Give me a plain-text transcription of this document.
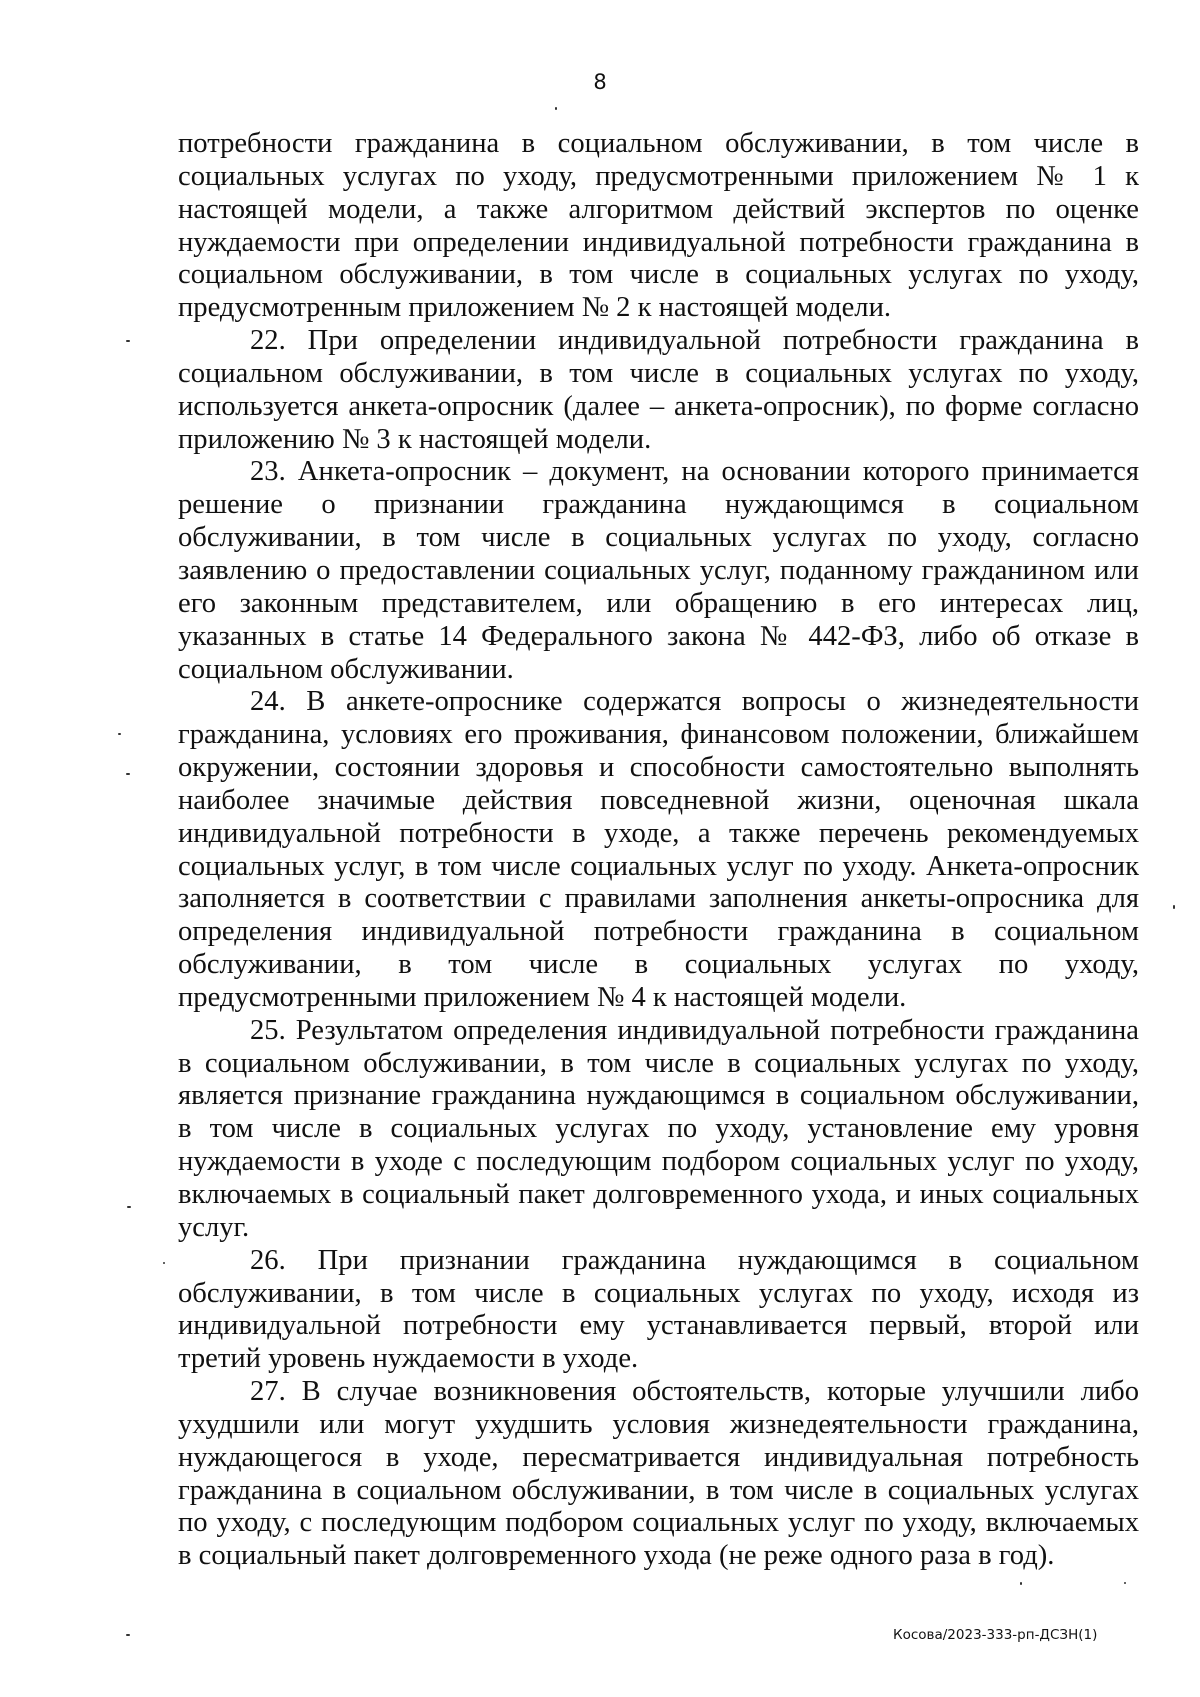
8

потребности гражданина в социальном обслуживании, в том числе в социальных услугах по уходу, предусмотренными приложением № 1 к настоящей модели, а также алгоритмом действий экспертов по оценке нуждаемости при определении индивидуальной потребности гражданина в социальном обслуживании, в том числе в социальных услугах по уходу, предусмотренным приложением № 2 к настоящей модели.

22. При определении индивидуальной потребности гражданина в социальном обслуживании, в том числе в социальных услугах по уходу, используется анкета-опросник (далее – анкета-опросник), по форме согласно приложению № 3 к настоящей модели.

23. Анкета-опросник – документ, на основании которого принимается решение о признании гражданина нуждающимся в социальном обслуживании, в том числе в социальных услугах по уходу, согласно заявлению о предоставлении социальных услуг, поданному гражданином или его законным представителем, или обращению в его интересах лиц, указанных в статье 14 Федерального закона № 442-ФЗ, либо об отказе в социальном обслуживании.

24. В анкете-опроснике содержатся вопросы о жизнедеятельности гражданина, условиях его проживания, финансовом положении, ближайшем окружении, состоянии здоровья и способности самостоятельно выполнять наиболее значимые действия повседневной жизни, оценочная шкала индивидуальной потребности в уходе, а также перечень рекомендуемых социальных услуг, в том числе социальных услуг по уходу. Анкета-опросник заполняется в соответствии с правилами заполнения анкеты-опросника для определения индивидуальной потребности гражданина в социальном обслуживании, в том числе в социальных услугах по уходу, предусмотренными приложением № 4 к настоящей модели.

25. Результатом определения индивидуальной потребности гражданина в социальном обслуживании, в том числе в социальных услугах по уходу, является признание гражданина нуждающимся в социальном обслуживании, в том числе в социальных услугах по уходу, установление ему уровня нуждаемости в уходе с последующим подбором социальных услуг по уходу, включаемых в социальный пакет долговременного ухода, и иных социальных услуг.

26. При признании гражданина нуждающимся в социальном обслуживании, в том числе в социальных услугах по уходу, исходя из индивидуальной потребности ему устанавливается первый, второй или третий уровень нуждаемости в уходе.

27. В случае возникновения обстоятельств, которые улучшили либо ухудшили или могут ухудшить условия жизнедеятельности гражданина, нуждающегося в уходе, пересматривается индивидуальная потребность гражданина в социальном обслуживании, в том числе в социальных услугах по уходу, с последующим подбором социальных услуг по уходу, включаемых в социальный пакет долговременного ухода (не реже одного раза в год).

Косова/2023-333-рп-ДСЗН(1)
